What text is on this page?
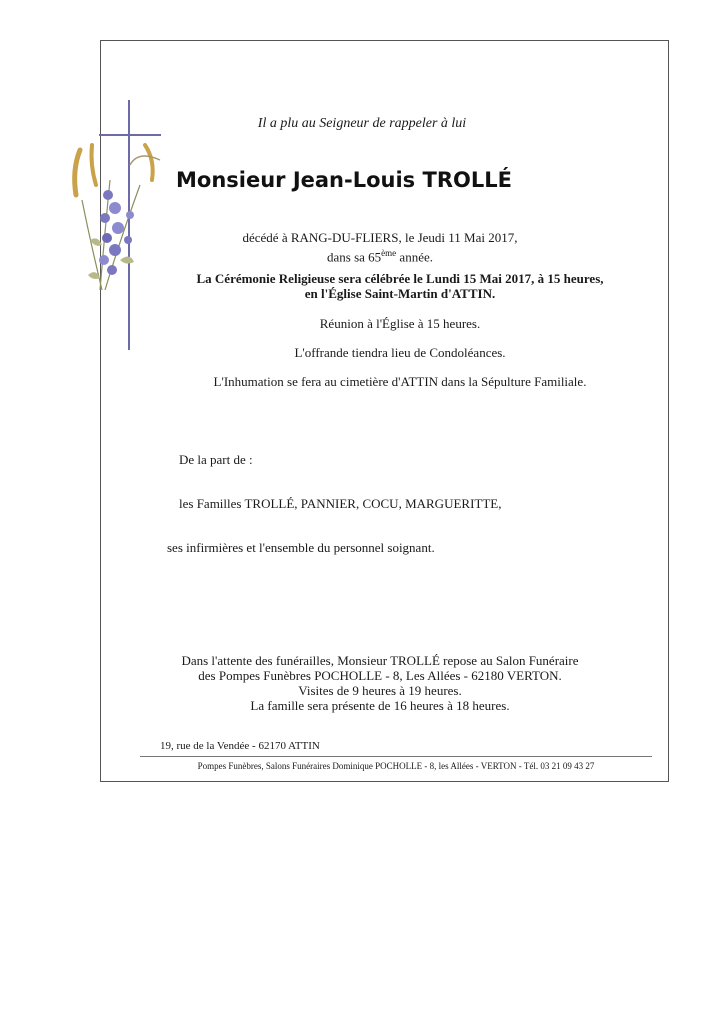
Il a plu au Seigneur de rappeler à lui
Monsieur Jean-Louis TROLLÉ
décédé à RANG-DU-FLIERS, le Jeudi 11 Mai 2017,
dans sa 65ème année.
La Cérémonie Religieuse sera célébrée le Lundi 15 Mai 2017, à 15 heures,
en l'Église Saint-Martin d'ATTIN.
Réunion à l'Église à 15 heures.
L'offrande tiendra lieu de Condoléances.
L'Inhumation se fera au cimetière d'ATTIN dans la Sépulture Familiale.
De la part de :
les Familles TROLLÉ, PANNIER, COCU, MARGUERITTE,
ses infirmières et l'ensemble du personnel soignant.
Dans l'attente des funérailles, Monsieur TROLLÉ repose au Salon Funéraire
des Pompes Funèbres POCHOLLE - 8, Les Allées - 62180 VERTON.
Visites de 9 heures à 19 heures.
La famille sera présente de 16 heures à 18 heures.
19, rue de la Vendée - 62170 ATTIN
Pompes Funèbres, Salons Funéraires Dominique POCHOLLE - 8, les Allées - VERTON - Tél. 03 21 09 43 27
